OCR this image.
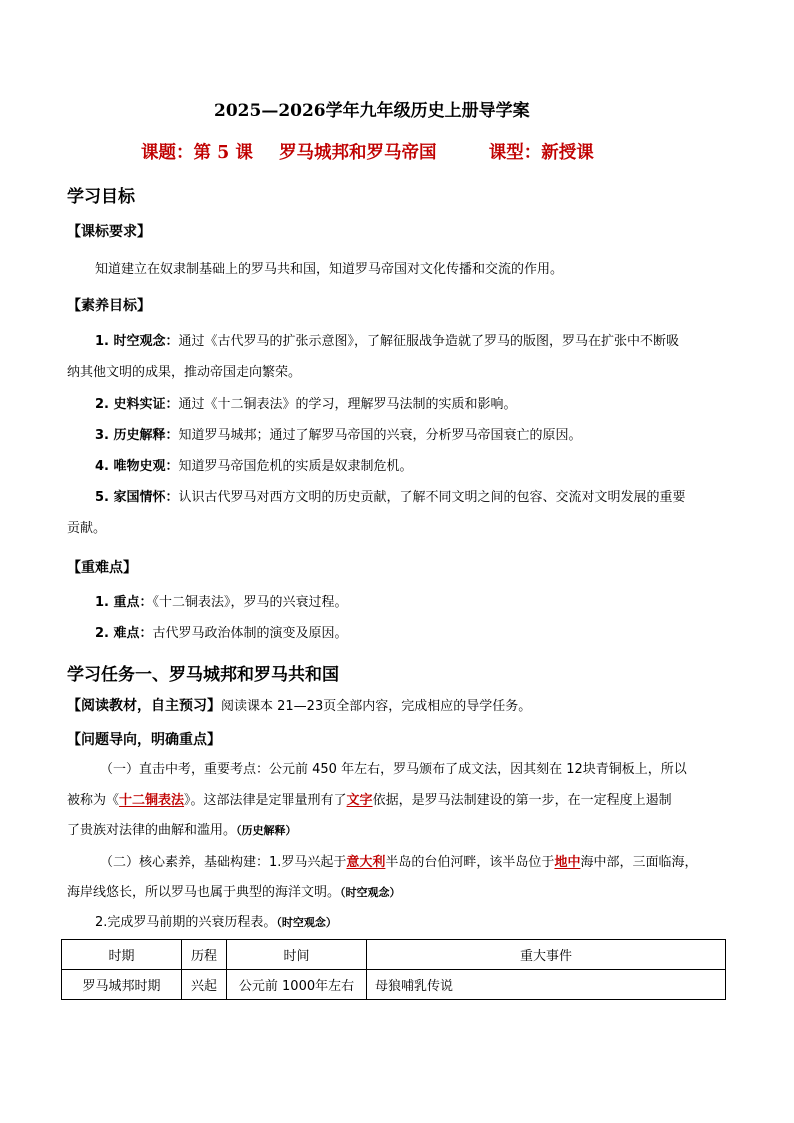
2025—2026学年九年级历史上册导学案
课题：第 5 课 罗马城邦和罗马帝国	课型：新授课
学习目标
【课标要求】
知道建立在奴隶制基础上的罗马共和国，知道罗马帝国对文化传播和交流的作用。
【素养目标】
1. 时空观念：通过《古代罗马的扩张示意图》，了解征服战争造就了罗马的版图，罗马在扩张中不断吸
纳其他文明的成果，推动帝国走向繁荣。
2. 史料实证：通过《十二铜表法》的学习，理解罗马法制的实质和影响。
3. 历史解释：知道罗马城邦；通过了解罗马帝国的兴衰，分析罗马帝国衰亡的原因。
4. 唯物史观：知道罗马帝国危机的实质是奴隶制危机。
5. 家国情怀：认识古代罗马对西方文明的历史贡献，了解不同文明之间的包容、交流对文明发展的重要
贡献。
【重难点】
1. 重点：《十二铜表法》，罗马的兴衰过程。
2. 难点：古代罗马政治体制的演变及原因。
学习任务一、罗马城邦和罗马共和国
【阅读教材，自主预习】阅读课本 21—23页全部内容，完成相应的导学任务。
【问题导向，明确重点】
（一）直击中考，重要考点：公元前 450 年左右，罗马颁布了成文法，因其刻在 12块青铜板上，所以
被称为《十二铜表法》。这部法律是定罪量刑有了文字依据，是罗马法制建设的第一步，在一定程度上遏制
了贵族对法律的曲解和滥用。（历史解释）
（二）核心素养，基础构建：1.罗马兴起于意大利半岛的台伯河畔，该半岛位于地中海中部，三面临海，
海岸线悠长，所以罗马也属于典型的海洋文明。（时空观念）
2.完成罗马前期的兴衰历程表。（时空观念）
时期	历程	时间	重大事件
罗马城邦时期	兴起	公元前 1000年左右	母狼哺乳传说
